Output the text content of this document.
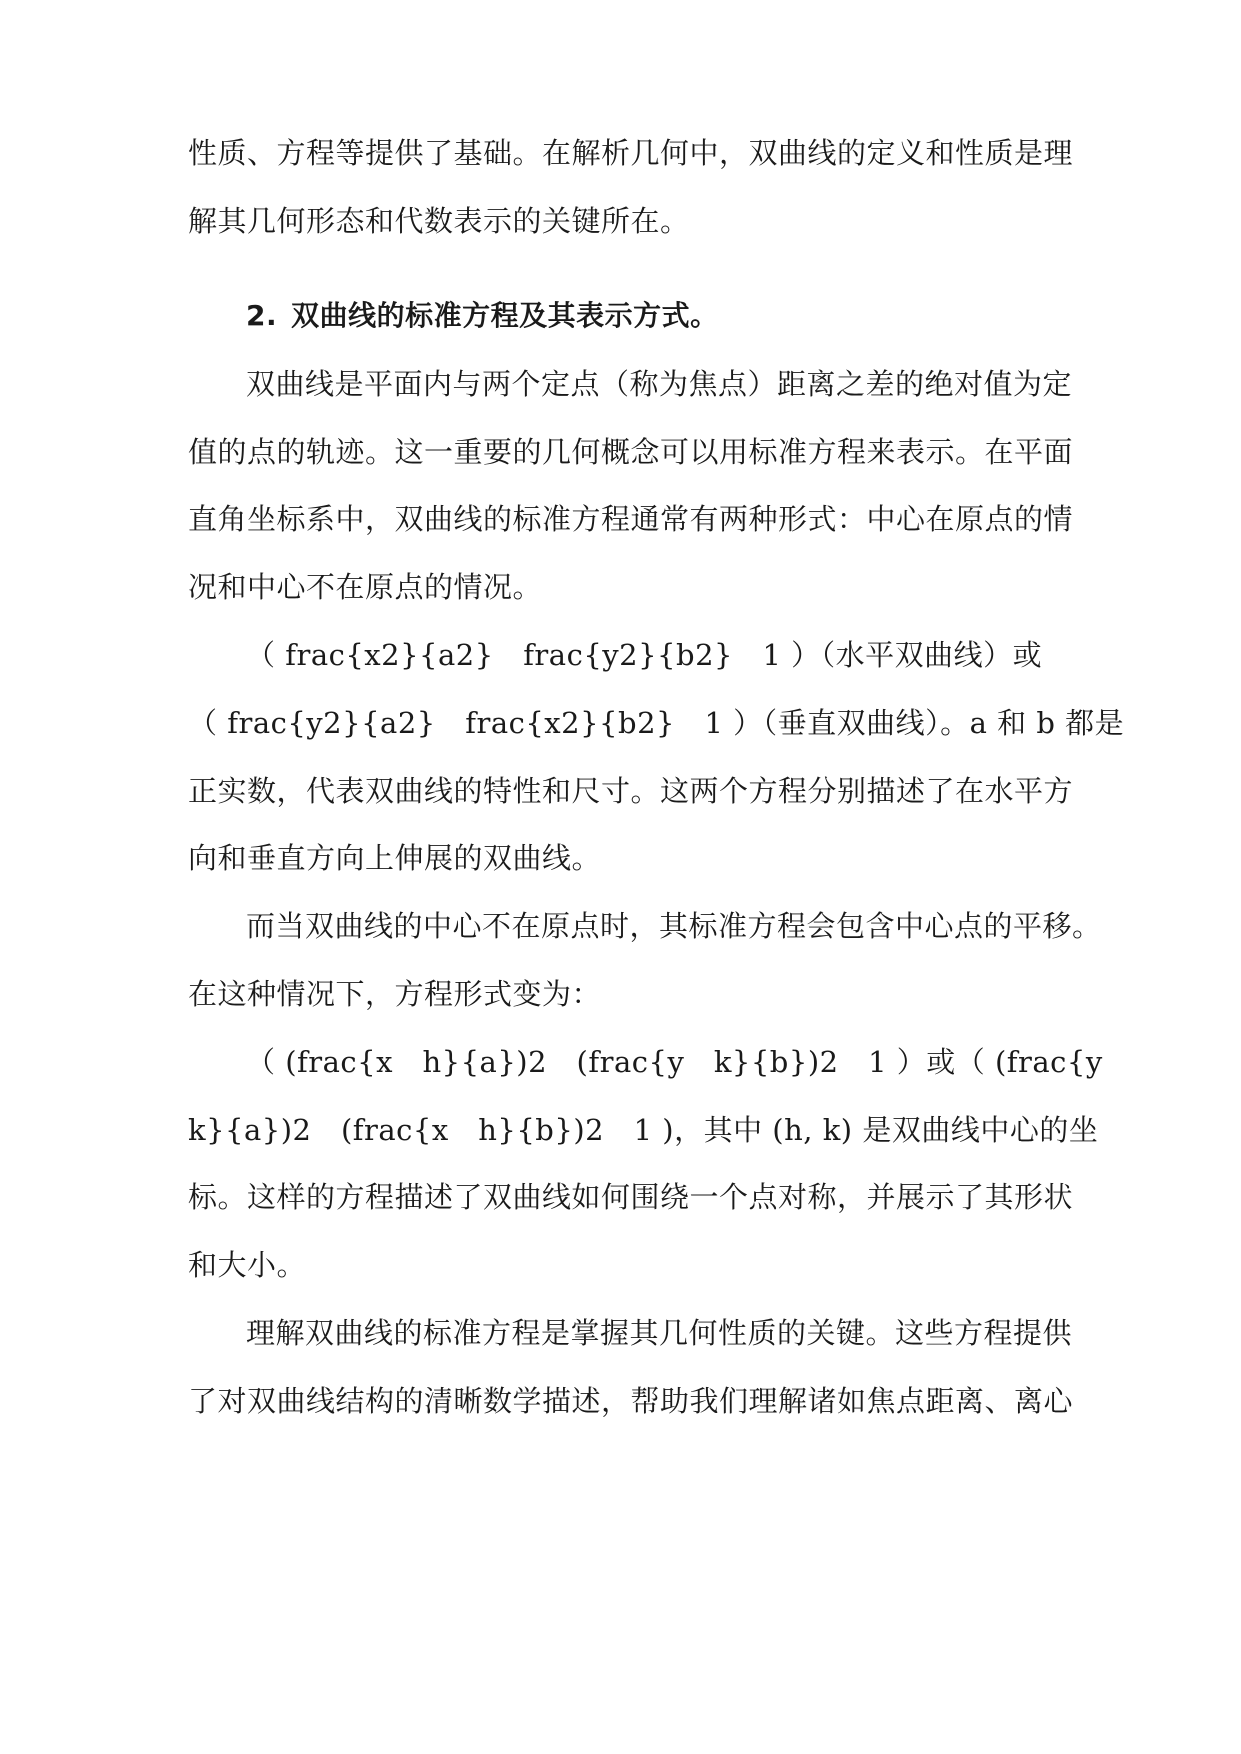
性质、方程等提供了基础。在解析几何中，双曲线的定义和性质是理
解其几何形态和代数表示的关键所在。
2. 双曲线的标准方程及其表示方式。
双曲线是平面内与两个定点（称为焦点）距离之差的绝对值为定
值的点的轨迹。这一重要的几何概念可以用标准方程来表示。在平面
直角坐标系中，双曲线的标准方程通常有两种形式：中心在原点的情
况和中心不在原点的情况。
（ frac{x2}{a2}　frac{y2}{b2}　1 ）（水平双曲线）或
（ frac{y2}{a2}　frac{x2}{b2}　1 ）（垂直双曲线）。a 和 b 都是
正实数，代表双曲线的特性和尺寸。这两个方程分别描述了在水平方
向和垂直方向上伸展的双曲线。
而当双曲线的中心不在原点时，其标准方程会包含中心点的平移。
在这种情况下，方程形式变为：
（ (frac{x　h}{a})2　(frac{y　k}{b})2　1 ）或（ (frac{y
k}{a})2　(frac{x　h}{b})2　1 )，其中 (h, k) 是双曲线中心的坐
标。这样的方程描述了双曲线如何围绕一个点对称，并展示了其形状
和大小。
理解双曲线的标准方程是掌握其几何性质的关键。这些方程提供
了对双曲线结构的清晰数学描述，帮助我们理解诸如焦点距离、离心
